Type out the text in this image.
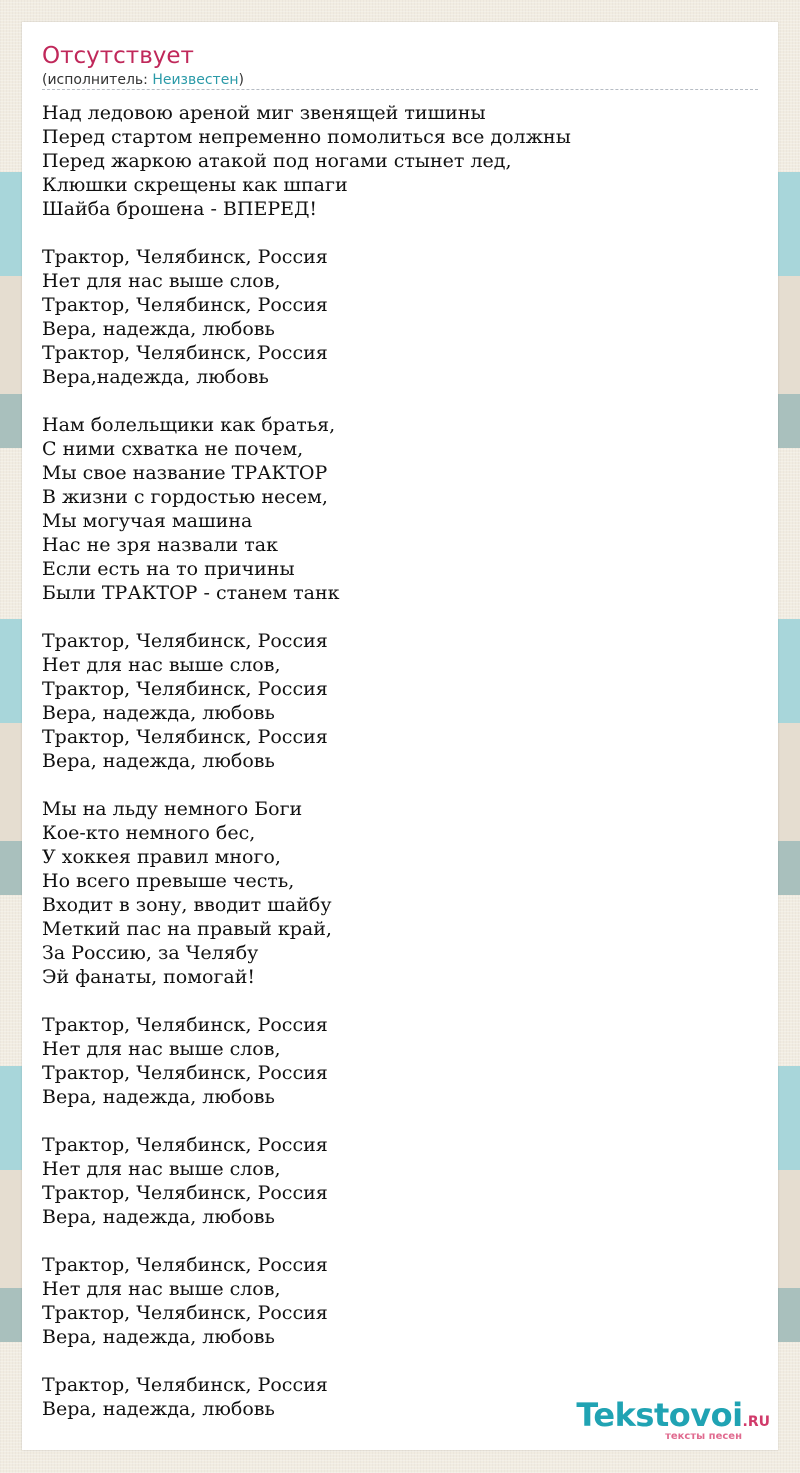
Отсутствует
(исполнитель: Неизвестен)
Над ледовою ареной миг звенящей тишины
Перед стартом непременно помолиться все должны
Перед жаркою атакой под ногами стынет лед,
Клюшки скрещены как шпаги
Шайба брошена - ВПЕРЕД!

Трактор, Челябинск, Россия
Нет для нас выше слов,
Трактор, Челябинск, Россия
Вера, надежда, любовь
Трактор, Челябинск, Россия
Вера,надежда, любовь

Нам болельщики как братья,
С ними схватка не почем,
Мы свое название ТРАКТОР
В жизни с гордостью несем,
Мы могучая машина
Нас не зря назвали так
Если есть на то причины
Были ТРАКТОР - станем танк

Трактор, Челябинск, Россия
Нет для нас выше слов,
Трактор, Челябинск, Россия
Вера, надежда, любовь
Трактор, Челябинск, Россия
Вера, надежда, любовь

Мы на льду немного Боги
Кое-кто немного бес,
У хоккея правил много,
Но всего превыше честь,
Входит в зону, вводит шайбу
Меткий пас на правый край,
За Россию, за Челябу
Эй фанаты, помогай!

Трактор, Челябинск, Россия
Нет для нас выше слов,
Трактор, Челябинск, Россия
Вера, надежда, любовь

Трактор, Челябинск, Россия
Нет для нас выше слов,
Трактор, Челябинск, Россия
Вера, надежда, любовь

Трактор, Челябинск, Россия
Нет для нас выше слов,
Трактор, Челябинск, Россия
Вера, надежда, любовь

Трактор, Челябинск, Россия
Вера, надежда, любовь	Tekstovoi.RU
тексты песен
